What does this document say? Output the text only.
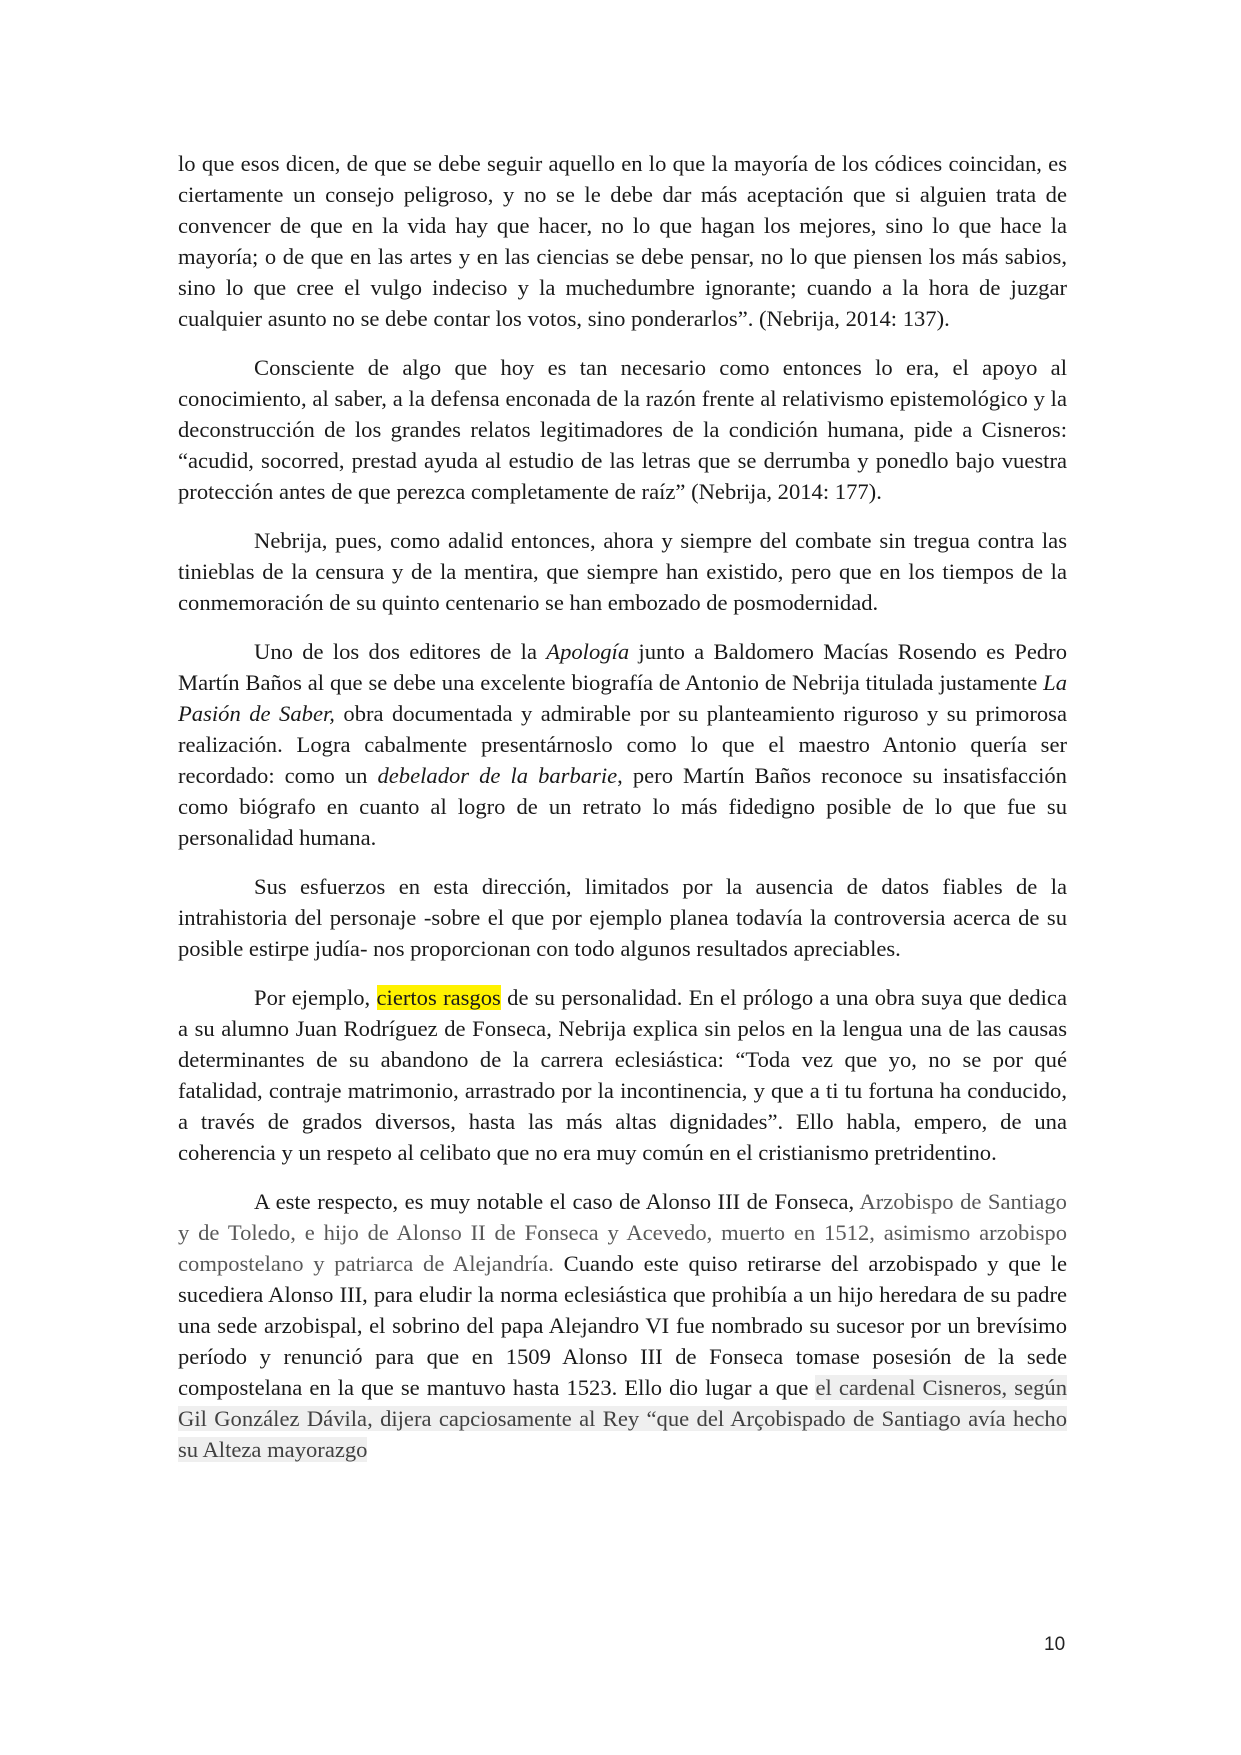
lo que esos dicen, de que se debe seguir aquello en lo que la mayoría de los códices coincidan, es ciertamente un consejo peligroso, y no se le debe dar más aceptación que si alguien trata de convencer de que en la vida hay que hacer, no lo que hagan los mejores, sino lo que hace la mayoría; o de que en las artes y en las ciencias se debe pensar, no lo que piensen los más sabios, sino lo que cree el vulgo indeciso y la muchedumbre ignorante; cuando a la hora de juzgar cualquier asunto no se debe contar los votos, sino ponderarlos”. (Nebrija, 2014: 137).

Consciente de algo que hoy es tan necesario como entonces lo era, el apoyo al conocimiento, al saber, a la defensa enconada de la razón frente al relativismo epistemológico y la deconstrucción de los grandes relatos legitimadores de la condición humana, pide a Cisneros: “acudid, socorred, prestad ayuda al estudio de las letras que se derrumba y ponedlo bajo vuestra protección antes de que perezca completamente de raíz” (Nebrija, 2014: 177).

Nebrija, pues, como adalid entonces, ahora y siempre del combate sin tregua contra las tinieblas de la censura y de la mentira, que siempre han existido, pero que en los tiempos de la conmemoración de su quinto centenario se han embozado de posmodernidad.

Uno de los dos editores de la Apología junto a Baldomero Macías Rosendo es Pedro Martín Baños al que se debe una excelente biografía de Antonio de Nebrija titulada justamente La Pasión de Saber, obra documentada y admirable por su planteamiento riguroso y su primorosa realización. Logra cabalmente presentárnoslo como lo que el maestro Antonio quería ser recordado: como un debelador de la barbarie, pero Martín Baños reconoce su insatisfacción como biógrafo en cuanto al logro de un retrato lo más fidedigno posible de lo que fue su personalidad humana.

Sus esfuerzos en esta dirección, limitados por la ausencia de datos fiables de la intrahistoria del personaje -sobre el que por ejemplo planea todavía la controversia acerca de su posible estirpe judía- nos proporcionan con todo algunos resultados apreciables.

Por ejemplo, ciertos rasgos de su personalidad. En el prólogo a una obra suya que dedica a su alumno Juan Rodríguez de Fonseca, Nebrija explica sin pelos en la lengua una de las causas determinantes de su abandono de la carrera eclesiástica: “Toda vez que yo, no se por qué fatalidad, contraje matrimonio, arrastrado por la incontinencia, y que a ti tu fortuna ha conducido, a través de grados diversos, hasta las más altas dignidades”. Ello habla, empero, de una coherencia y un respeto al celibato que no era muy común en el cristianismo pretridentino.

A este respecto, es muy notable el caso de Alonso III de Fonseca, Arzobispo de Santiago y de Toledo, e hijo de Alonso II de Fonseca y Acevedo, muerto en 1512, asimismo arzobispo compostelano y patriarca de Alejandría. Cuando este quiso retirarse del arzobispado y que le sucediera Alonso III, para eludir la norma eclesiástica que prohibía a un hijo heredara de su padre una sede arzobispal, el sobrino del papa Alejandro VI fue nombrado su sucesor por un brevísimo período y renunció para que en 1509 Alonso III de Fonseca tomase posesión de la sede compostelana en la que se mantuvo hasta 1523. Ello dio lugar a que el cardenal Cisneros, según Gil González Dávila, dijera capciosamente al Rey “que del Arçobispado de Santiago avía hecho su Alteza mayorazgo

10
